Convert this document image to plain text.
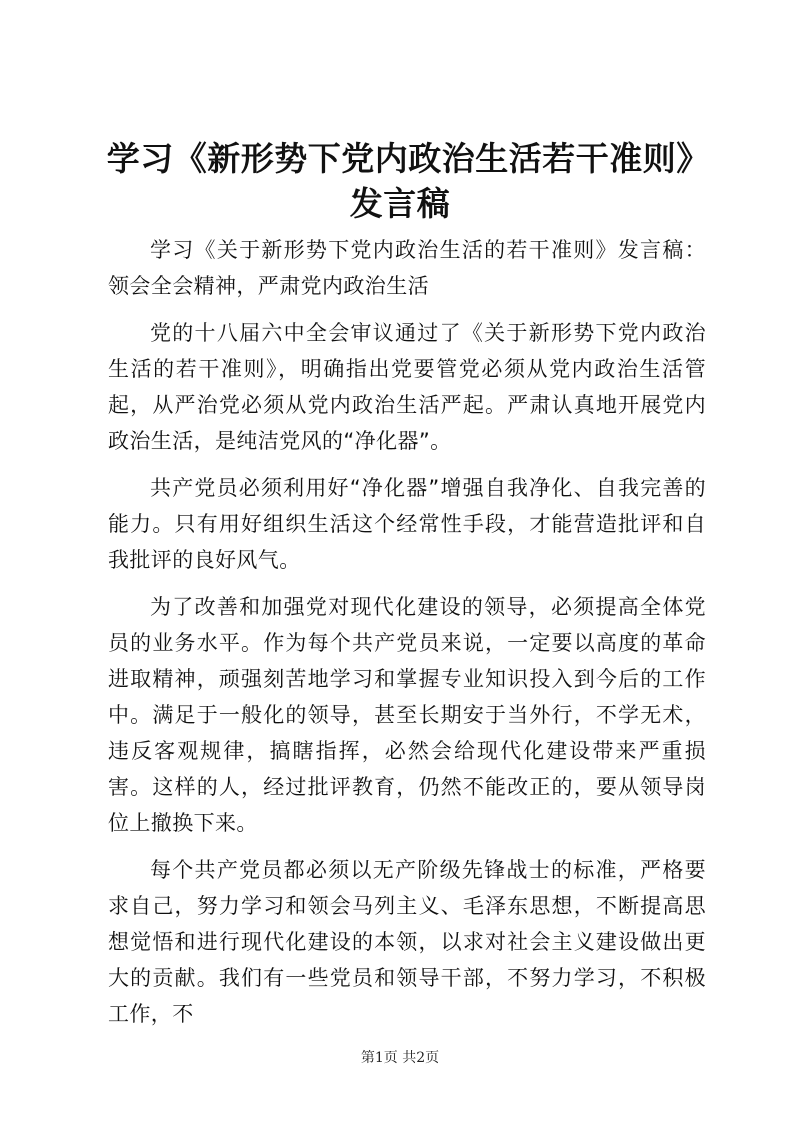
学习《新形势下党内政治生活若干准则》发言稿

学习《关于新形势下党内政治生活的若干准则》发言稿：领会全会精神，严肃党内政治生活

党的十八届六中全会审议通过了《关于新形势下党内政治生活的若干准则》，明确指出党要管党必须从党内政治生活管起，从严治党必须从党内政治生活严起。严肃认真地开展党内政治生活，是纯洁党风的“净化器”。

共产党员必须利用好“净化器”增强自我净化、自我完善的能力。只有用好组织生活这个经常性手段，才能营造批评和自我批评的良好风气。

为了改善和加强党对现代化建设的领导，必须提高全体党员的业务水平。作为每个共产党员来说，一定要以高度的革命进取精神，顽强刻苦地学习和掌握专业知识投入到今后的工作中。满足于一般化的领导，甚至长期安于当外行，不学无术，违反客观规律，搞瞎指挥，必然会给现代化建设带来严重损害。这样的人，经过批评教育，仍然不能改正的，要从领导岗位上撤换下来。

每个共产党员都必须以无产阶级先锋战士的标准，严格要求自己，努力学习和领会马列主义、毛泽东思想，不断提高思想觉悟和进行现代化建设的本领，以求对社会主义建设做出更大的贡献。我们有一些党员和领导干部，不努力学习，不积极工作，不

第1页 共2页
